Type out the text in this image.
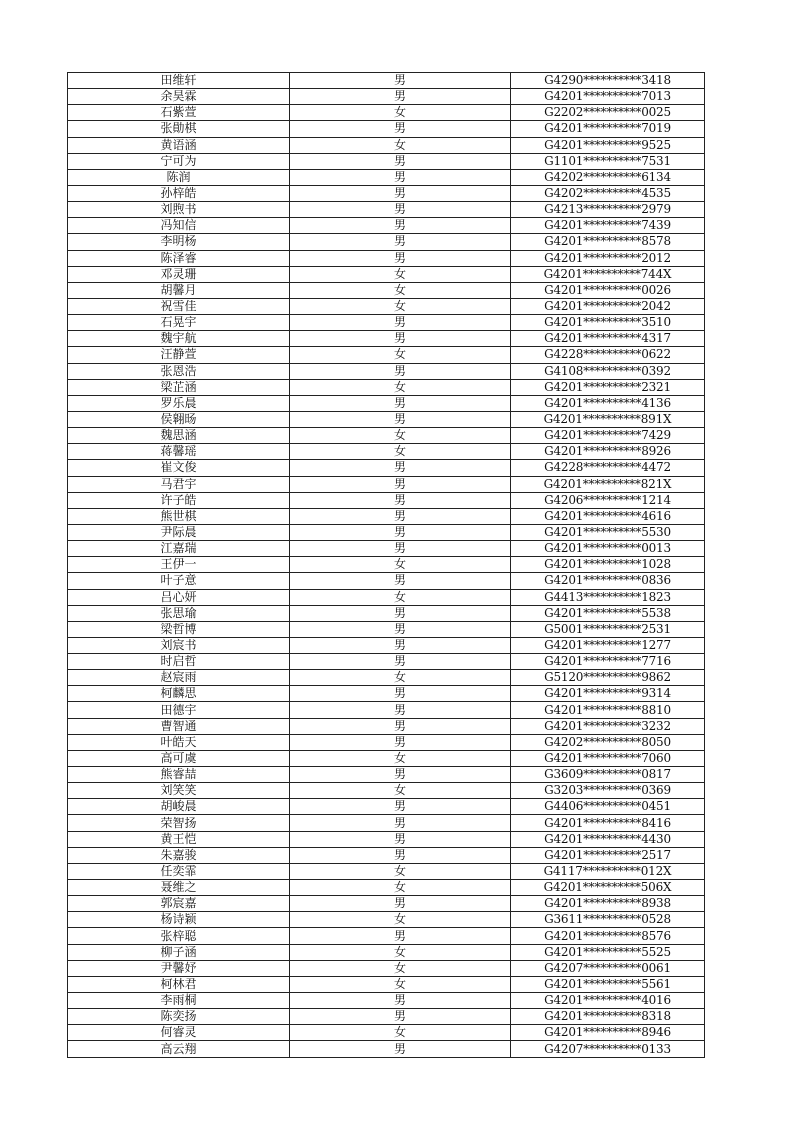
田维轩	男	G4290**********3418
余昊霖	男	G4201**********7013
石紫萱	女	G2202**********0025
张勛棋	男	G4201**********7019
黄语涵	女	G4201**********9525
宁可为	男	G1101**********7531
陈润	男	G4202**********6134
孙梓皓	男	G4202**********4535
刘煦书	男	G4213**********2979
冯知信	男	G4201**********7439
李明杨	男	G4201**********8578
陈泽睿	男	G4201**********2012
邓灵珊	女	G4201**********744X
胡馨月	女	G4201**********0026
祝雪佳	女	G4201**********2042
石晃宇	男	G4201**********3510
魏宇航	男	G4201**********4317
汪静萱	女	G4228**********0622
张恩浩	男	G4108**********0392
梁芷涵	女	G4201**********2321
罗乐晨	男	G4201**********4136
侯翱旸	男	G4201**********891X
魏思涵	女	G4201**********7429
蒋馨瑶	女	G4201**********8926
崔文俊	男	G4228**********4472
马君宇	男	G4201**********821X
许子皓	男	G4206**********1214
熊世棋	男	G4201**********4616
尹际晨	男	G4201**********5530
江嘉瑞	男	G4201**********0013
王伊一	女	G4201**********1028
叶子意	男	G4201**********0836
吕心妍	女	G4413**********1823
张思瑜	男	G4201**********5538
梁哲博	男	G5001**********2531
刘宸书	男	G4201**********1277
时启哲	男	G4201**********7716
赵宸雨	女	G5120**********9862
柯麟思	男	G4201**********9314
田德宇	男	G4201**********8810
曹智通	男	G4201**********3232
叶皓天	男	G4202**********8050
高可虞	女	G4201**********7060
熊睿喆	男	G3609**********0817
刘笑笑	女	G3203**********0369
胡峻晨	男	G4406**********0451
荣智扬	男	G4201**********8416
黄王恺	男	G4201**********4430
朱嘉骏	男	G4201**********2517
任奕霏	女	G4117**********012X
聂维之	女	G4201**********506X
郭宸嘉	男	G4201**********8938
杨诗颖	女	G3611**********0528
张梓聪	男	G4201**********8576
柳子涵	女	G4201**********5525
尹馨妤	女	G4207**********0061
柯林君	女	G4201**********5561
李雨桐	男	G4201**********4016
陈奕扬	男	G4201**********8318
何睿灵	女	G4201**********8946
高云翔	男	G4207**********0133
